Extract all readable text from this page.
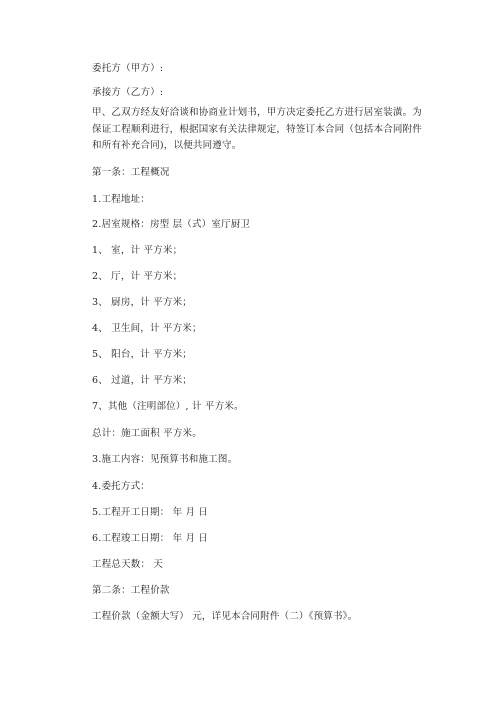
委托方（甲方）:
承接方（乙方）:
甲、乙双方经友好洽谈和协商业计划书，甲方决定委托乙方进行居室装潢。为保证工程顺利进行，根据国家有关法律规定，特签订本合同（包括本合同附件和所有补充合同)，以便共同遵守。
第一条：工程概况
1.工程地址：
2.居室规格：房型 层（式）室厅厨卫
1、 室，计 平方米；
2、 厅，计 平方米；
3、 厨房，计 平方米；
4、 卫生间，计 平方米；
5、 阳台，计 平方米；
6、 过道，计 平方米；
7、其他（注明部位）, 计 平方米。
总计：施工面积 平方米。
3.施工内容：见预算书和施工图。
4.委托方式：
5.工程开工日期： 年 月 日
6.工程竣工日期： 年 月 日
工程总天数： 天
第二条：工程价款
工程价款（金额大写） 元，详见本合同附件（二）《预算书》。
